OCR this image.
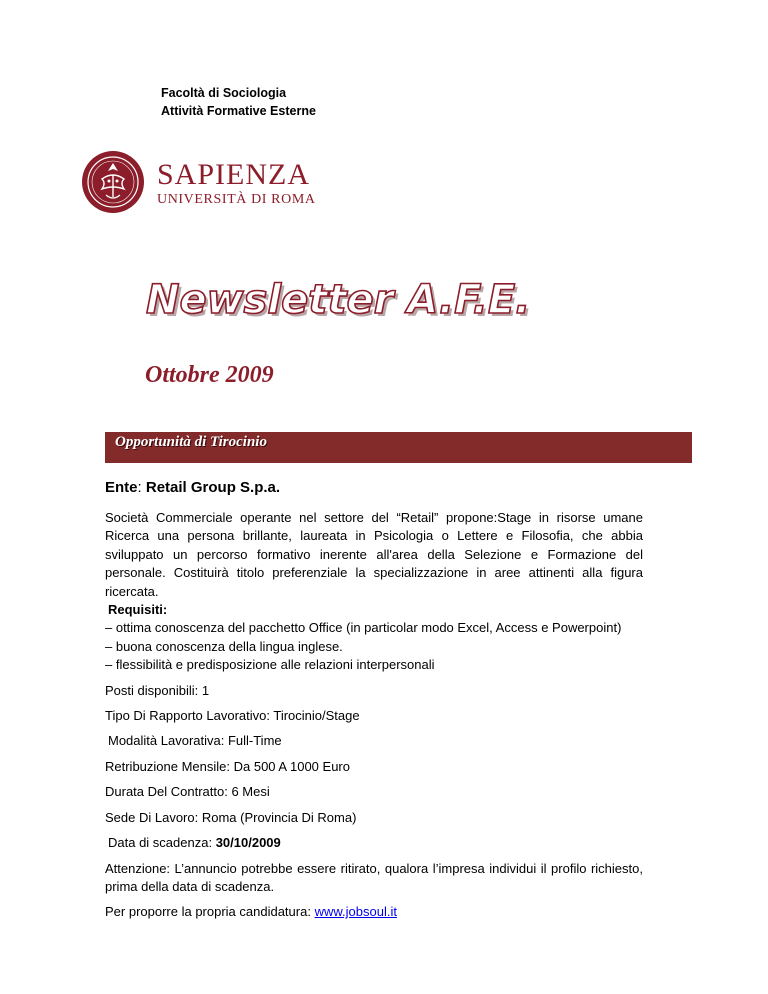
Facoltà di Sociologia
Attività Formative Esterne
SAPIENZA
UNIVERSITÀ DI ROMA
Newsletter A.F.E.
Ottobre 2009
Opportunità di Tirocinio
Ente: Retail Group S.p.a.

Società Commerciale operante nel settore del “Retail” propone:Stage in risorse umane Ricerca una persona brillante, laureata in Psicologia o Lettere e Filosofia, che abbia sviluppato un percorso formativo inerente all'area della Selezione e Formazione del personale. Costituirà titolo preferenziale la specializzazione in aree attinenti alla figura ricercata.

Requisiti:

– ottima conoscenza del pacchetto Office (in particolar modo Excel, Access e Powerpoint)

– buona conoscenza della lingua inglese.

– flessibilità e predisposizione alle relazioni interpersonali

Posti disponibili: 1

Tipo Di Rapporto Lavorativo: Tirocinio/Stage

Modalità Lavorativa: Full-Time

Retribuzione Mensile: Da 500 A 1000 Euro

Durata Del Contratto: 6 Mesi

Sede Di Lavoro: Roma (Provincia Di Roma)

Data di scadenza: 30/10/2009

Attenzione: L’annuncio potrebbe essere ritirato, qualora l’impresa individui il profilo richiesto, prima della data di scadenza.

Per proporre la propria candidatura: www.jobsoul.it
